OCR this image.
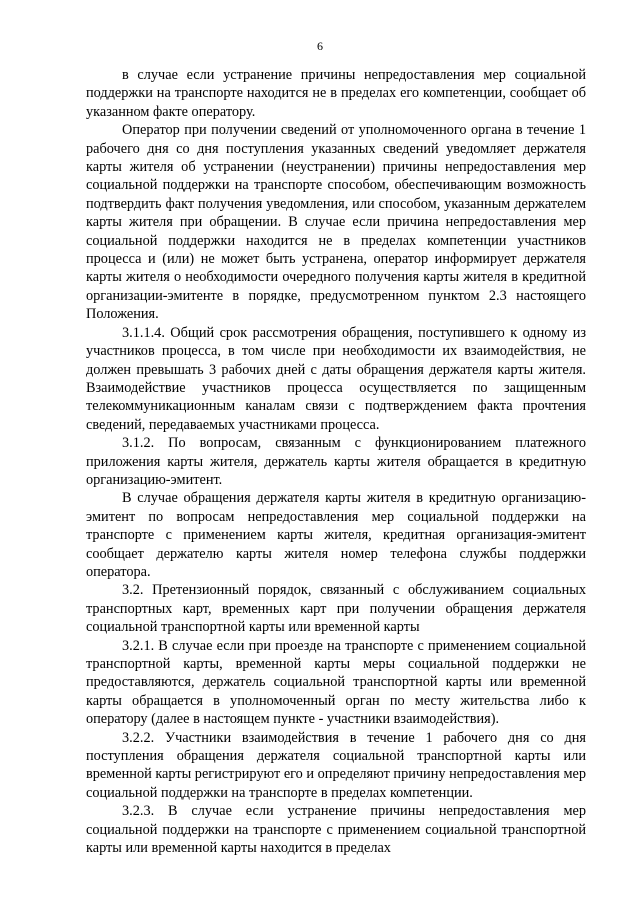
6

в случае если устранение причины непредоставления мер социальной поддержки на транспорте находится не в пределах его компетенции, сообщает об указанном факте оператору.

Оператор при получении сведений от уполномоченного органа в течение 1 рабочего дня со дня поступления указанных сведений уведомляет держателя карты жителя об устранении (неустранении) причины непредоставления мер социальной поддержки на транспорте способом, обеспечивающим возможность подтвердить факт получения уведомления, или способом, указанным держателем карты жителя при обращении. В случае если причина непредоставления мер социальной поддержки находится не в пределах компетенции участников процесса и (или) не может быть устранена, оператор информирует держателя карты жителя о необходимости очередного получения карты жителя в кредитной организации-эмитенте в порядке, предусмотренном пунктом 2.3 настоящего Положения.

3.1.1.4. Общий срок рассмотрения обращения, поступившего к одному из участников процесса, в том числе при необходимости их взаимодействия, не должен превышать 3 рабочих дней с даты обращения держателя карты жителя. Взаимодействие участников процесса осуществляется по защищенным телекоммуникационным каналам связи с подтверждением факта прочтения сведений, передаваемых участниками процесса.

3.1.2. По вопросам, связанным с функционированием платежного приложения карты жителя, держатель карты жителя обращается в кредитную организацию-эмитент.

В случае обращения держателя карты жителя в кредитную организацию-эмитент по вопросам непредоставления мер социальной поддержки на транспорте с применением карты жителя, кредитная организация-эмитент сообщает держателю карты жителя номер телефона службы поддержки оператора.

3.2. Претензионный порядок, связанный с обслуживанием социальных транспортных карт, временных карт при получении обращения держателя социальной транспортной карты или временной карты

3.2.1. В случае если при проезде на транспорте с применением социальной транспортной карты, временной карты меры социальной поддержки не предоставляются, держатель социальной транспортной карты или временной карты обращается в уполномоченный орган по месту жительства либо к оператору (далее в настоящем пункте - участники взаимодействия).

3.2.2. Участники взаимодействия в течение 1 рабочего дня со дня поступления обращения держателя социальной транспортной карты или временной карты регистрируют его и определяют причину непредоставления мер социальной поддержки на транспорте в пределах компетенции.

3.2.3. В случае если устранение причины непредоставления мер социальной поддержки на транспорте с применением социальной транспортной карты или временной карты находится в пределах
